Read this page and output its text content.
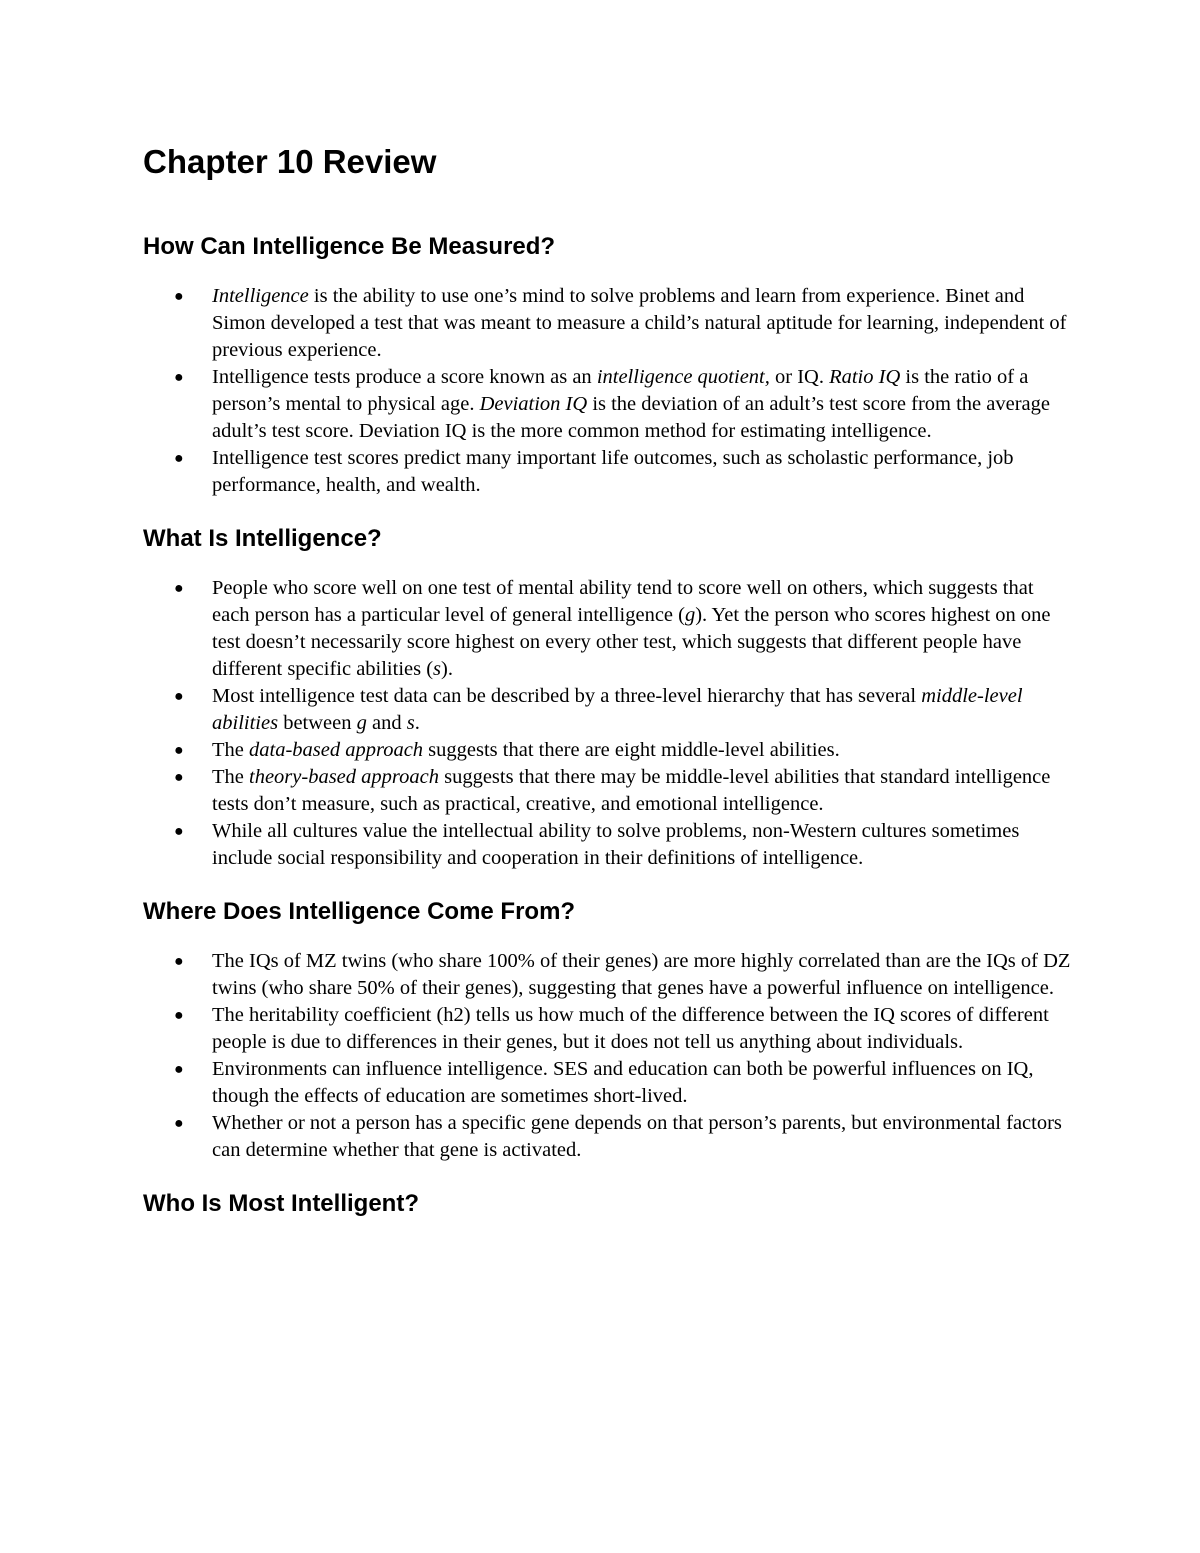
Chapter 10 Review
How Can Intelligence Be Measured?
● Intelligence is the ability to use one’s mind to solve problems and learn from experience. Binet and Simon developed a test that was meant to measure a child’s natural aptitude for learning, independent of previous experience.
● Intelligence tests produce a score known as an intelligence quotient, or IQ. Ratio IQ is the ratio of a person’s mental to physical age. Deviation IQ is the deviation of an adult’s test score from the average adult’s test score. Deviation IQ is the more common method for estimating intelligence.
● Intelligence test scores predict many important life outcomes, such as scholastic performance, job performance, health, and wealth.
What Is Intelligence?
● People who score well on one test of mental ability tend to score well on others, which suggests that each person has a particular level of general intelligence (g). Yet the person who scores highest on one test doesn’t necessarily score highest on every other test, which suggests that different people have different specific abilities (s).
● Most intelligence test data can be described by a three-level hierarchy that has several middle-level abilities between g and s.
● The data-based approach suggests that there are eight middle-level abilities.
● The theory-based approach suggests that there may be middle-level abilities that standard intelligence tests don’t measure, such as practical, creative, and emotional intelligence.
● While all cultures value the intellectual ability to solve problems, non-Western cultures sometimes include social responsibility and cooperation in their definitions of intelligence.
Where Does Intelligence Come From?
● The IQs of MZ twins (who share 100% of their genes) are more highly correlated than are the IQs of DZ twins (who share 50% of their genes), suggesting that genes have a powerful influence on intelligence.
● The heritability coefficient (h2) tells us how much of the difference between the IQ scores of different people is due to differences in their genes, but it does not tell us anything about individuals.
● Environments can influence intelligence. SES and education can both be powerful influences on IQ, though the effects of education are sometimes short-lived.
● Whether or not a person has a specific gene depends on that person’s parents, but environmental factors can determine whether that gene is activated.
Who Is Most Intelligent?
